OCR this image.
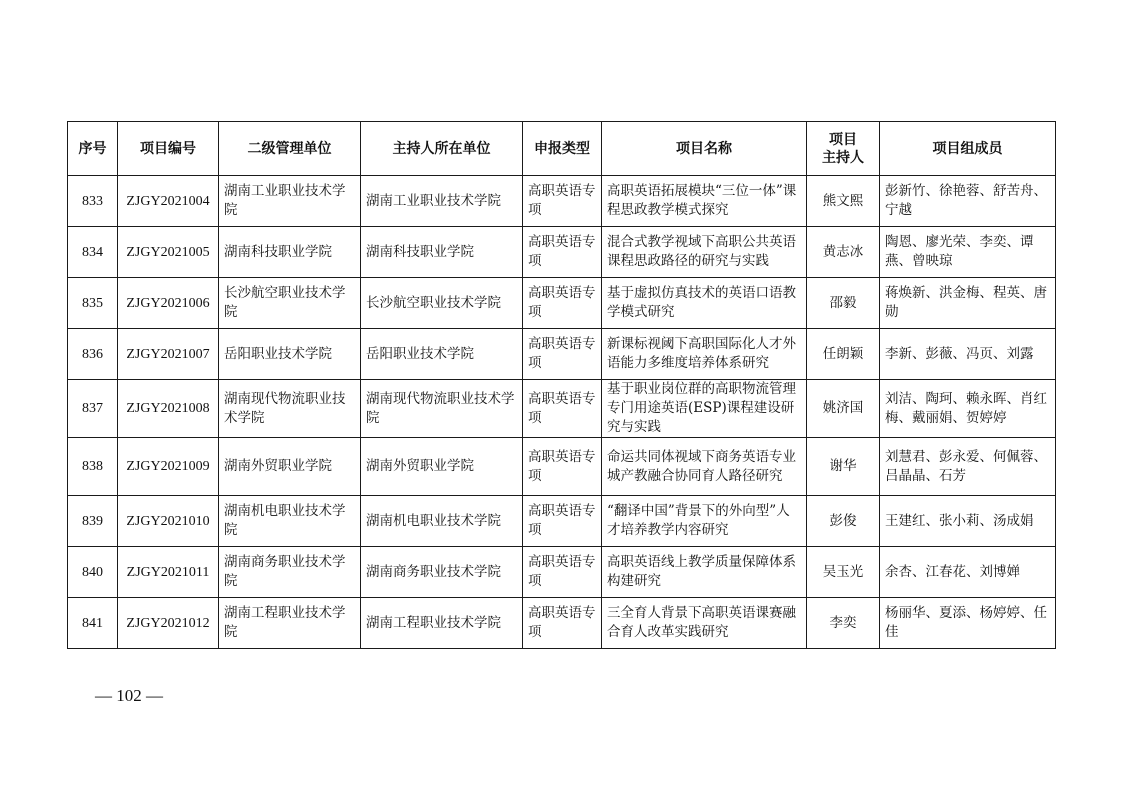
序号	项目编号	二级管理单位	主持人所在单位	申报类型	项目名称	项目
主持人	项目组成员
833	ZJGY2021004	湖南工业职业技术学院	湖南工业职业技术学院	高职英语专项	高职英语拓展模块“三位一体”课程思政教学模式探究	熊文熙	彭新竹、徐艳蓉、舒苦舟、宁越
834	ZJGY2021005	湖南科技职业学院	湖南科技职业学院	高职英语专项	混合式教学视域下高职公共英语课程思政路径的研究与实践	黄志冰	陶恩、廖光荣、李奕、谭燕、曾映琼
835	ZJGY2021006	长沙航空职业技术学院	长沙航空职业技术学院	高职英语专项	基于虚拟仿真技术的英语口语教学模式研究	邵毅	蒋焕新、洪金梅、程英、唐勋
836	ZJGY2021007	岳阳职业技术学院	岳阳职业技术学院	高职英语专项	新课标视阈下高职国际化人才外语能力多维度培养体系研究	任朗颖	李新、彭薇、冯页、刘露
837	ZJGY2021008	湖南现代物流职业技术学院	湖南现代物流职业技术学院	高职英语专项	基于职业岗位群的高职物流管理专门用途英语(ESP)课程建设研究与实践	姚济国	刘洁、陶珂、赖永晖、肖红梅、戴丽娟、贺婷婷
838	ZJGY2021009	湖南外贸职业学院	湖南外贸职业学院	高职英语专项	命运共同体视域下商务英语专业城产教融合协同育人路径研究	谢华	刘慧君、彭永爱、何佩蓉、吕晶晶、石芳
839	ZJGY2021010	湖南机电职业技术学院	湖南机电职业技术学院	高职英语专项	“翻译中国”背景下的外向型”人才培养教学内容研究	彭俊	王建红、张小莉、汤成娟
840	ZJGY2021011	湖南商务职业技术学院	湖南商务职业技术学院	高职英语专项	高职英语线上教学质量保障体系构建研究	吴玉光	余杏、江春花、刘博婵
841	ZJGY2021012	湖南工程职业技术学院	湖南工程职业技术学院	高职英语专项	三全育人背景下高职英语课赛融合育人改革实践研究	李奕	杨丽华、夏添、杨婷婷、任佳
— 102 —
